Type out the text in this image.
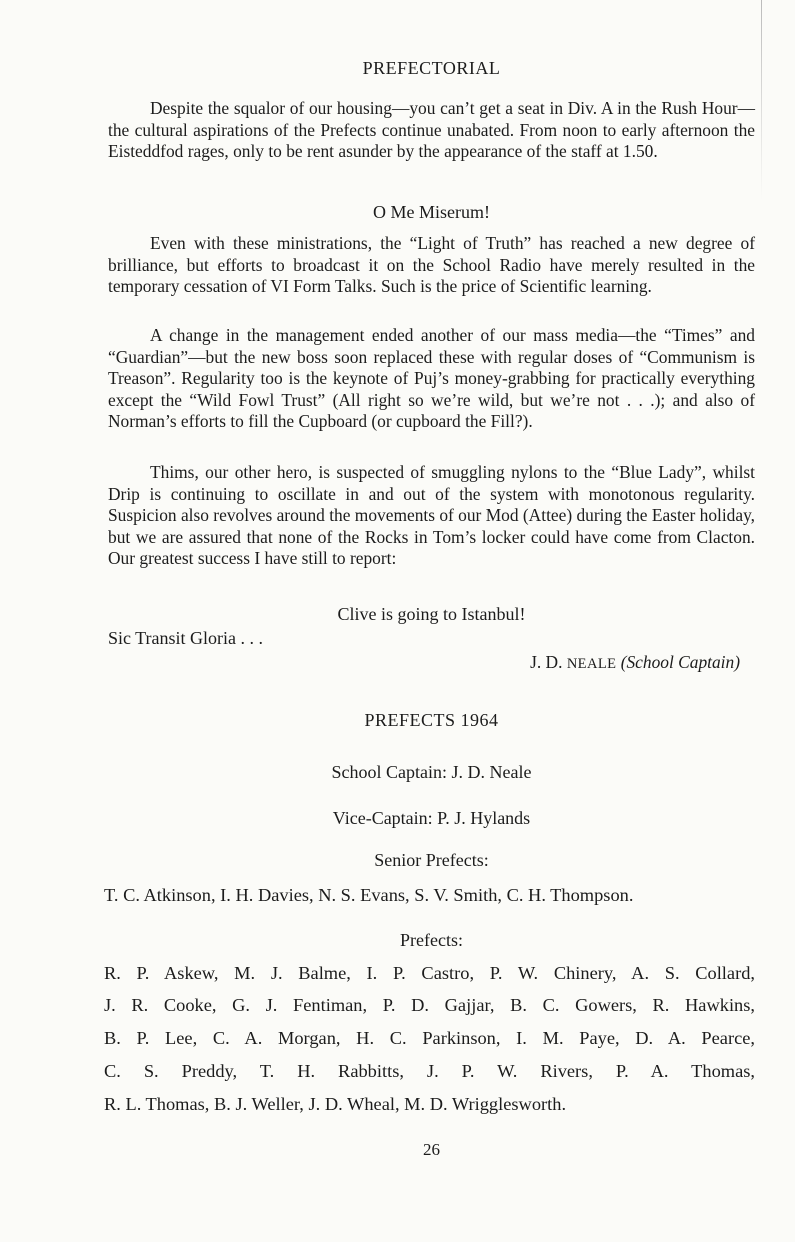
PREFECTORIAL

Despite the squalor of our housing—you can’t get a seat in Div. A in the Rush Hour—the cultural aspirations of the Prefects continue unabated. From noon to early afternoon the Eisteddfod rages, only to be rent asunder by the appearance of the staff at 1.50.

O Me Miserum!

Even with these ministrations, the “Light of Truth” has reached a new degree of brilliance, but efforts to broadcast it on the School Radio have merely resulted in the temporary cessation of VI Form Talks. Such is the price of Scientific learning.

A change in the management ended another of our mass media—the “Times” and “Guardian”—but the new boss soon replaced these with regular doses of “Communism is Treason”. Regularity too is the keynote of Puj’s money-grabbing for practically everything except the “Wild Fowl Trust” (All right so we’re wild, but we’re not . . .); and also of Norman’s efforts to fill the Cupboard (or cupboard the Fill?).

Thims, our other hero, is suspected of smuggling nylons to the “Blue Lady”, whilst Drip is continuing to oscillate in and out of the system with monotonous regularity. Suspicion also revolves around the movements of our Mod (Attee) during the Easter holiday, but we are assured that none of the Rocks in Tom’s locker could have come from Clacton. Our greatest success I have still to report:

Clive is going to Istanbul!
Sic Transit Gloria . . .
J. D. NEALE (School Captain)
PREFECTS 1964
School Captain: J. D. Neale
Vice-Captain: P. J. Hylands
Senior Prefects:
T. C. Atkinson, I. H. Davies, N. S. Evans, S. V. Smith, C. H. Thompson.
Prefects:
R. P. Askew, M. J. Balme, I. P. Castro, P. W. Chinery, A. S. Collard,
J. R. Cooke, G. J. Fentiman, P. D. Gajjar, B. C. Gowers, R. Hawkins,
B. P. Lee, C. A. Morgan, H. C. Parkinson, I. M. Paye, D. A. Pearce,
C. S. Preddy, T. H. Rabbitts, J. P. W. Rivers, P. A. Thomas,
R. L. Thomas, B. J. Weller, J. D. Wheal, M. D. Wrigglesworth.
26
